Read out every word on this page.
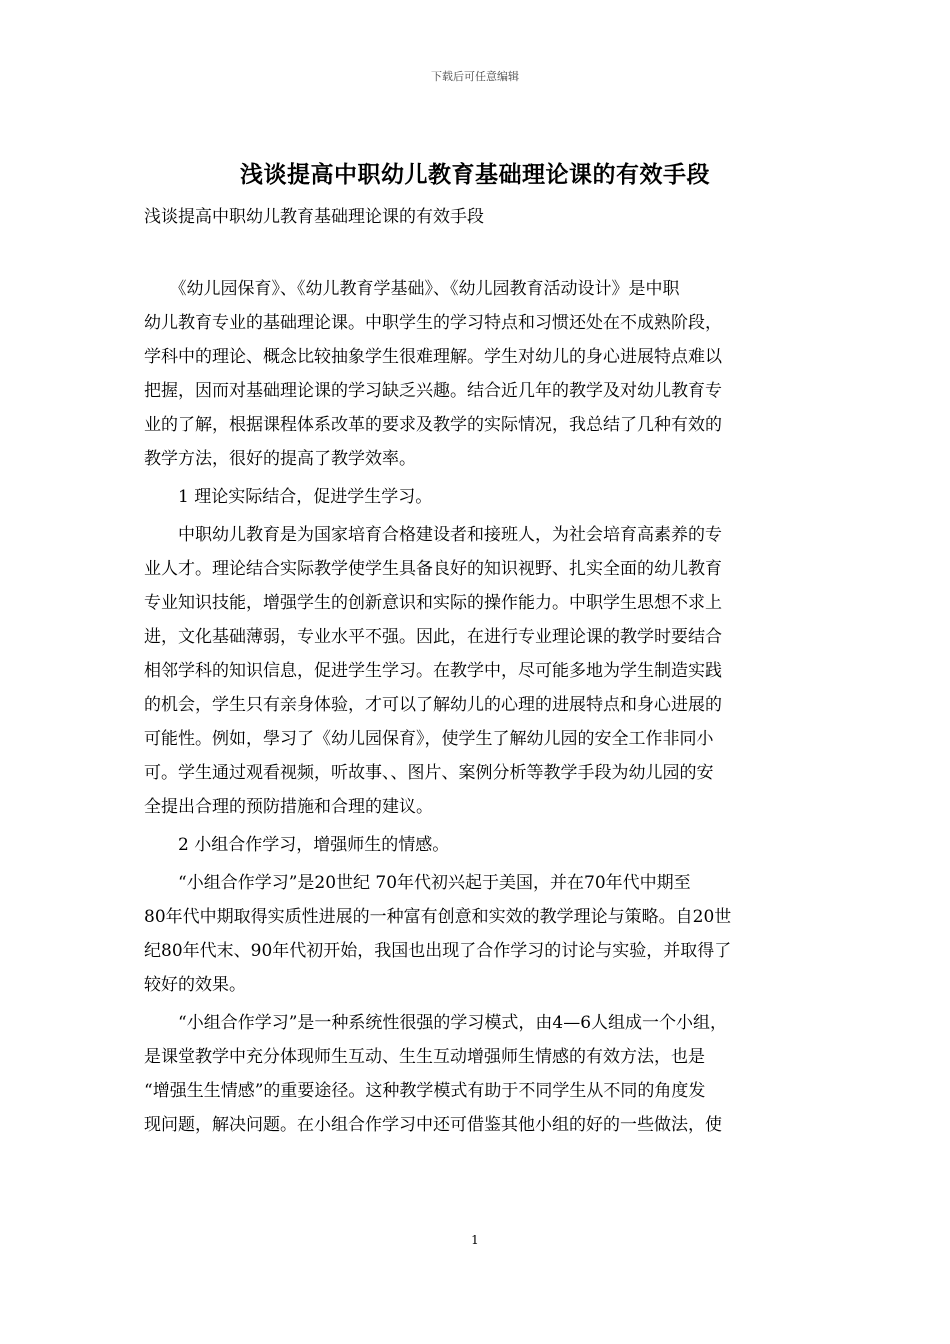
下载后可任意编辑
浅谈提高中职幼儿教育基础理论课的有效手段
浅谈提高中职幼儿教育基础理论课的有效手段
　　《幼儿园保育》、《幼儿教育学基础》、《幼儿园教育活动设计》是中职
幼儿教育专业的基础理论课。中职学生的学习特点和习惯还处在不成熟阶段，
学科中的理论、概念比较抽象学生很难理解。学生对幼儿的身心进展特点难以
把握，因而对基础理论课的学习缺乏兴趣。结合近几年的教学及对幼儿教育专
业的了解，根据课程体系改革的要求及教学的实际情况，我总结了几种有效的
教学方法，很好的提高了教学效率。
　　1 理论实际结合，促进学生学习。
　　中职幼儿教育是为国家培育合格建设者和接班人，为社会培育高素养的专
业人才。理论结合实际教学使学生具备良好的知识视野、扎实全面的幼儿教育
专业知识技能，增强学生的创新意识和实际的操作能力。中职学生思想不求上
进，文化基础薄弱，专业水平不强。因此，在进行专业理论课的教学时要结合
相邻学科的知识信息，促进学生学习。在教学中，尽可能多地为学生制造实践
的机会，学生只有亲身体验，才可以了解幼儿的心理的进展特点和身心进展的
可能性。例如，學习了《幼儿园保育》，使学生了解幼儿园的安全工作非同小
可。学生通过观看视频，听故事、、图片、案例分析等教学手段为幼儿园的安
全提出合理的预防措施和合理的建议。
　　2 小组合作学习，增强师生的情感。
　　“小组合作学习”是20世纪 70年代初兴起于美国，并在70年代中期至
80年代中期取得实质性进展的一种富有创意和实效的教学理论与策略。自20世
纪80年代末、90年代初开始，我国也出现了合作学习的讨论与实验，并取得了
较好的效果。
　　“小组合作学习”是一种系统性很强的学习模式，由4—6人组成一个小组，
是课堂教学中充分体现师生互动、生生互动增强师生情感的有效方法，也是
“增强生生情感”的重要途径。这种教学模式有助于不同学生从不同的角度发
现问题，解决问题。在小组合作学习中还可借鉴其他小组的好的一些做法，使
1
